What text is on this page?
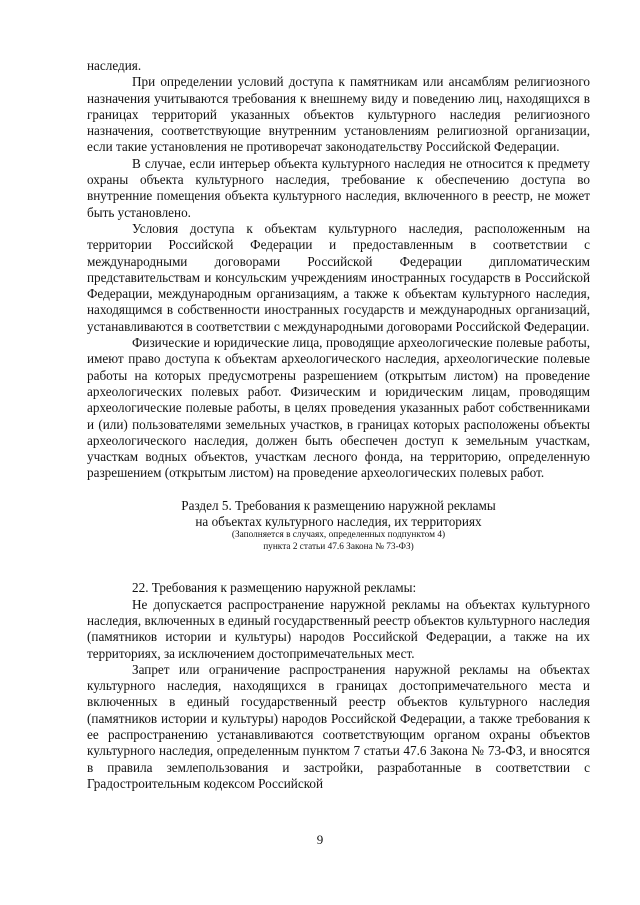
наследия.

При определении условий доступа к памятникам или ансамблям религиозного назначения учитываются требования к внешнему виду и поведению лиц, находящихся в границах территорий указанных объектов культурного наследия религиозного назначения, соответствующие внутренним установлениям религиозной организации, если такие установления не противоречат законодательству Российской Федерации.

В случае, если интерьер объекта культурного наследия не относится к предмету охраны объекта культурного наследия, требование к обеспечению доступа во внутренние помещения объекта культурного наследия, включенного в реестр, не может быть установлено.

Условия доступа к объектам культурного наследия, расположенным на территории Российской Федерации и предоставленным в соответствии с международными договорами Российской Федерации дипломатическим представительствам и консульским учреждениям иностранных государств в Российской Федерации, международным организациям, а также к объектам культурного наследия, находящимся в собственности иностранных государств и международных организаций, устанавливаются в соответствии с международными договорами Российской Федерации.

Физические и юридические лица, проводящие археологические полевые работы, имеют право доступа к объектам археологического наследия, археологические полевые работы на которых предусмотрены разрешением (открытым листом) на проведение археологических полевых работ. Физическим и юридическим лицам, проводящим археологические полевые работы, в целях проведения указанных работ собственниками и (или) пользователями земельных участков, в границах которых расположены объекты археологического наследия, должен быть обеспечен доступ к земельным участкам, участкам водных объектов, участкам лесного фонда, на территорию, определенную разрешением (открытым листом) на проведение археологических полевых работ.

Раздел 5. Требования к размещению наружной рекламы
на объектах культурного наследия, их территориях
(Заполняется в случаях, определенных подпунктом 4)
пункта 2 статьи 47.6 Закона № 73-ФЗ)

22. Требования к размещению наружной рекламы:

Не допускается распространение наружной рекламы на объектах культурного наследия, включенных в единый государственный реестр объектов культурного наследия (памятников истории и культуры) народов Российской Федерации, а также на их территориях, за исключением достопримечательных мест.

Запрет или ограничение распространения наружной рекламы на объектах культурного наследия, находящихся в границах достопримечательного места и включенных в единый государственный реестр объектов культурного наследия (памятников истории и культуры) народов Российской Федерации, а также требования к ее распространению устанавливаются соответствующим органом охраны объектов культурного наследия, определенным пунктом 7 статьи 47.6 Закона № 73-ФЗ, и вносятся в правила землепользования и застройки, разработанные в соответствии с Градостроительным кодексом Российской

9
